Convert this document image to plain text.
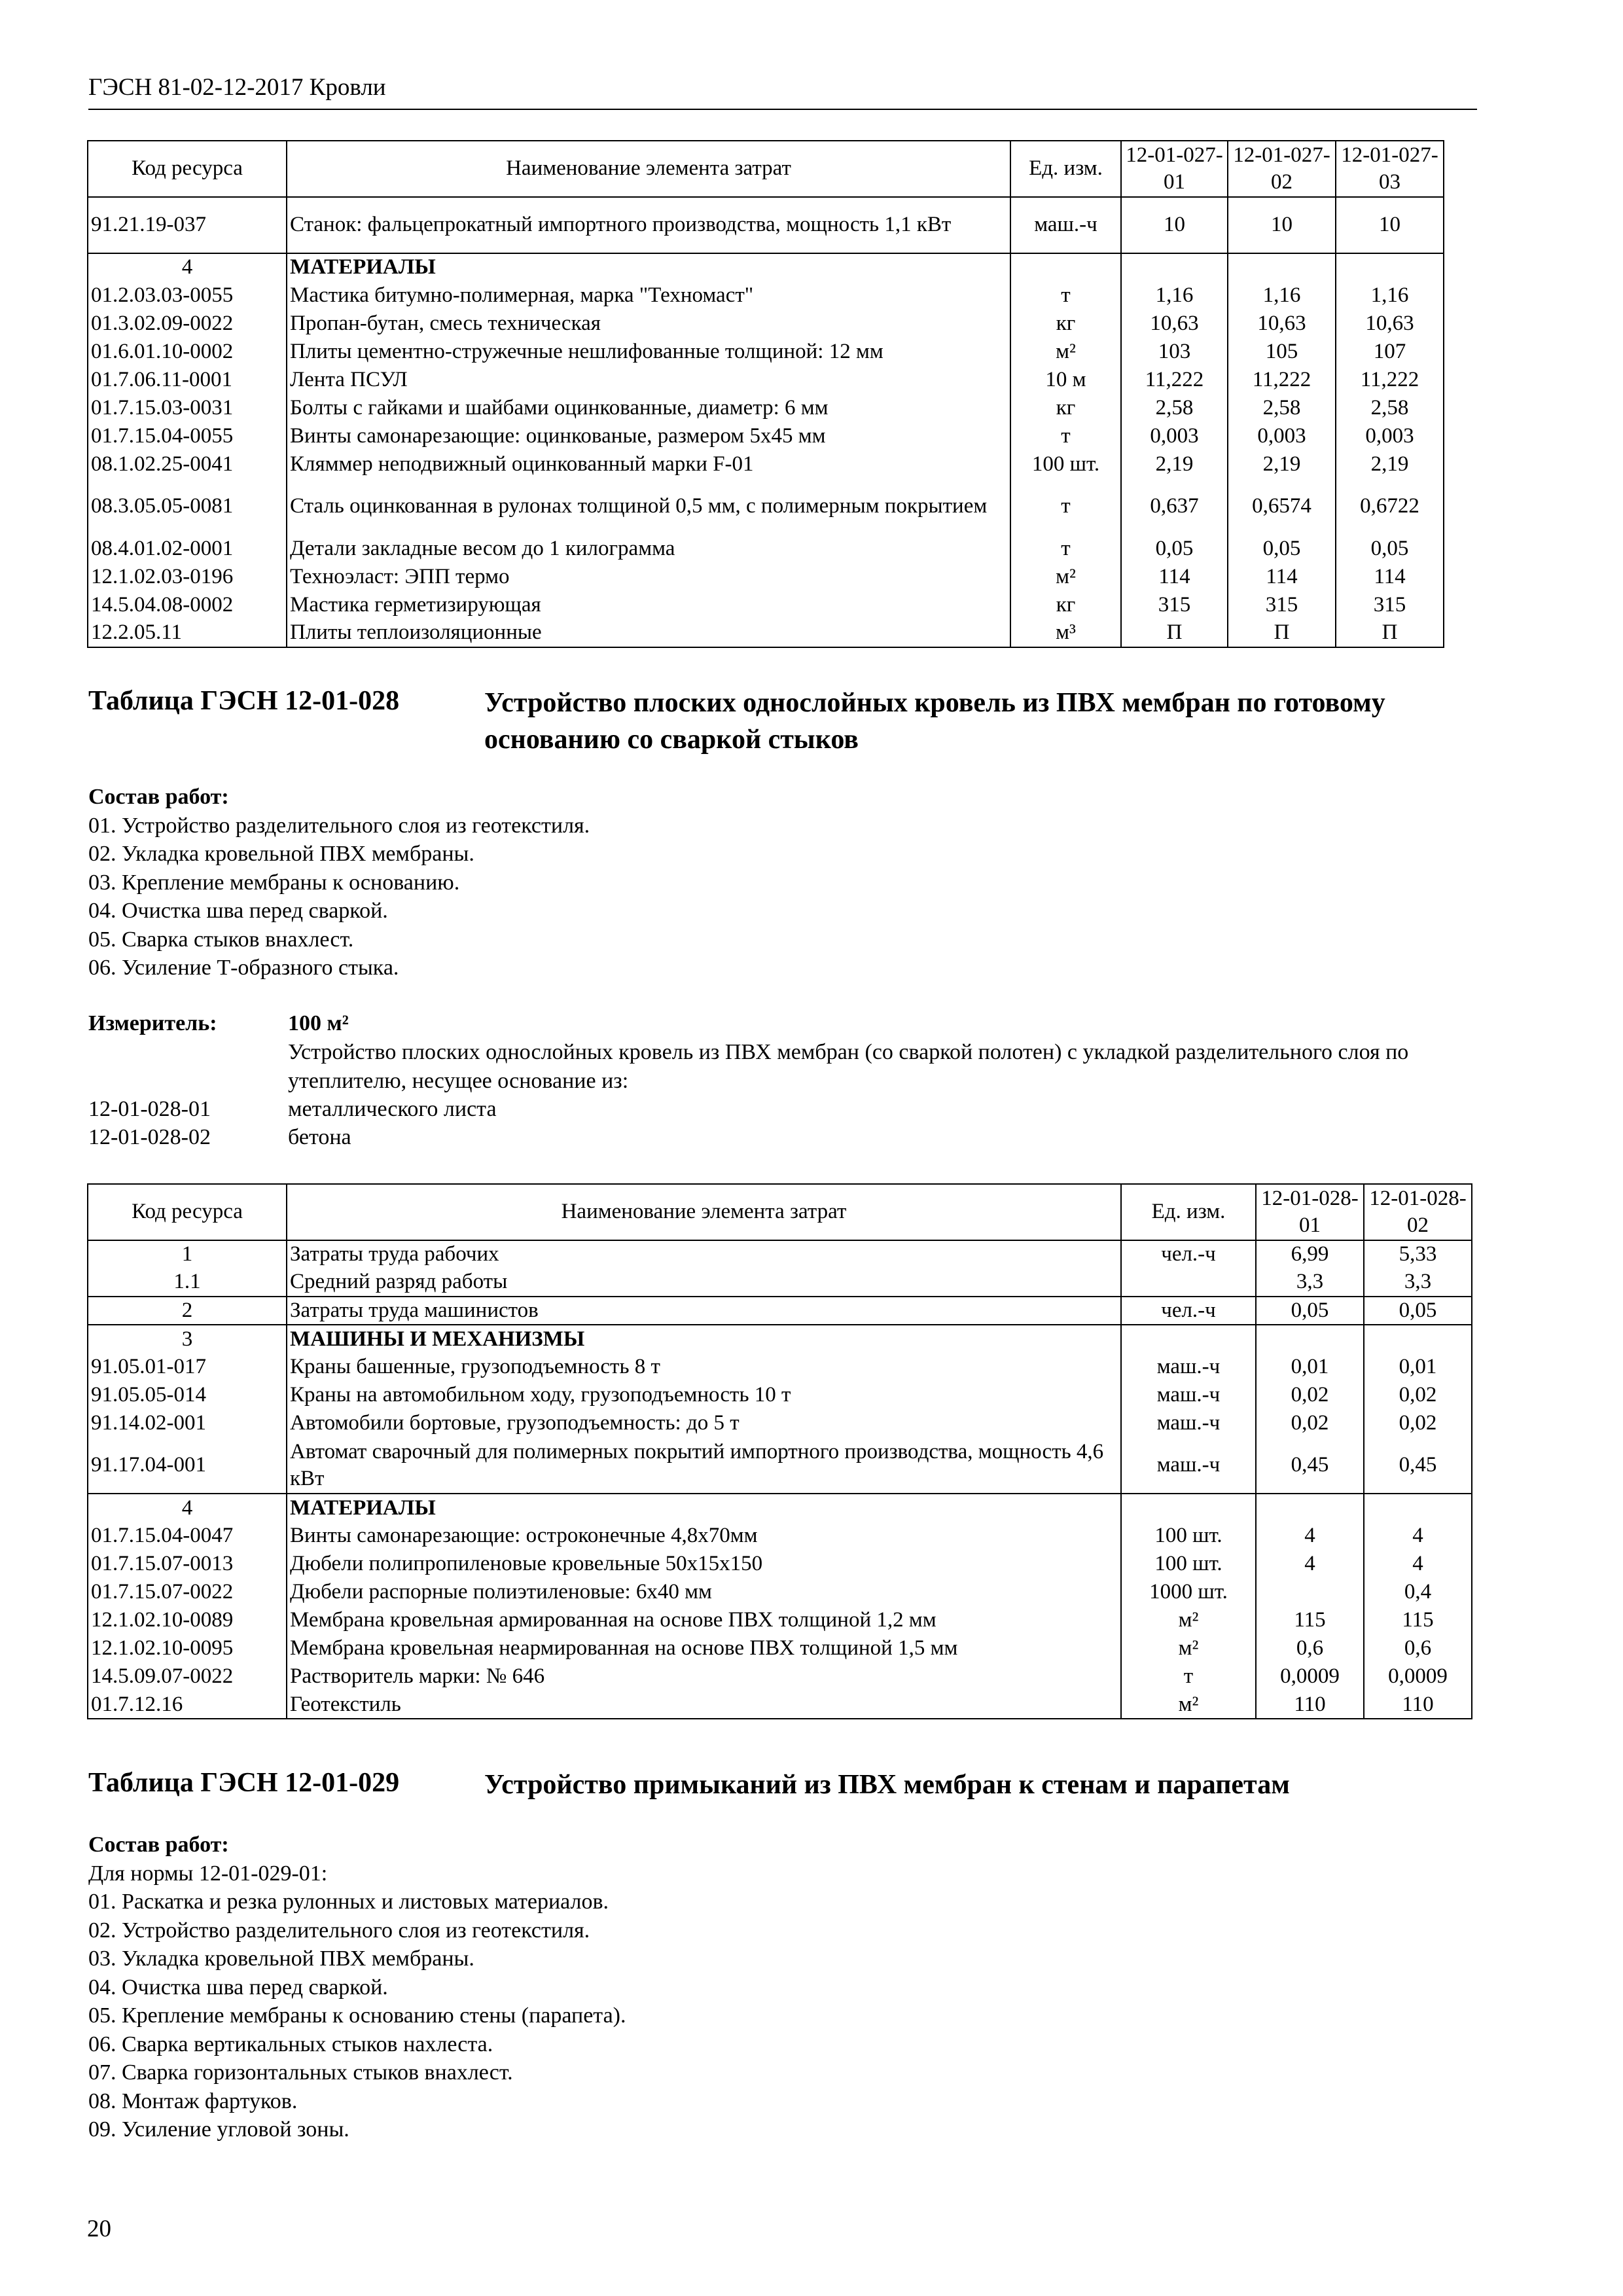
ГЭСН 81-02-12-2017 Кровли
Код ресурса	Наименование элемента затрат	Ед. изм.	12-01-027-01	12-01-027-02	12-01-027-03
91.21.19-037	Станок: фальцепрокатный импортного производства, мощность 1,1 кВт	маш.-ч	10	10	10
4	МАТЕРИАЛЫ				
01.2.03.03-0055	Мастика битумно-полимерная, марка "Техномаст"	т	1,16	1,16	1,16
01.3.02.09-0022	Пропан-бутан, смесь техническая	кг	10,63	10,63	10,63
01.6.01.10-0002	Плиты цементно-стружечные нешлифованные толщиной: 12 мм	м²	103	105	107
01.7.06.11-0001	Лента ПСУЛ	10 м	11,222	11,222	11,222
01.7.15.03-0031	Болты с гайками и шайбами оцинкованные, диаметр: 6 мм	кг	2,58	2,58	2,58
01.7.15.04-0055	Винты самонарезающие: оцинкованые, размером 5х45 мм	т	0,003	0,003	0,003
08.1.02.25-0041	Кляммер неподвижный оцинкованный марки F-01	100 шт.	2,19	2,19	2,19
08.3.05.05-0081	Сталь оцинкованная в рулонах толщиной 0,5 мм, с полимерным покрытием	т	0,637	0,6574	0,6722
08.4.01.02-0001	Детали закладные весом до 1 килограмма	т	0,05	0,05	0,05
12.1.02.03-0196	Техноэласт: ЭПП термо	м²	114	114	114
14.5.04.08-0002	Мастика герметизирующая	кг	315	315	315
12.2.05.11	Плиты теплоизоляционные	м³	П	П	П
Таблица ГЭСН 12-01-028	Устройство плоских однослойных кровель из ПВХ мембран по готовому основанию со сваркой стыков
Состав работ:
01. Устройство разделительного слоя из геотекстиля.
02. Укладка кровельной ПВХ мембраны.
03. Крепление мембраны к основанию.
04. Очистка шва перед сваркой.
05. Сварка стыков внахлест.
06. Усиление Т-образного стыка.
Измеритель:	100 м²
Устройство плоских однослойных кровель из ПВХ мембран (со сваркой полотен) с укладкой разделительного слоя по утеплителю, несущее основание из:
12-01-028-01	металлического листа
12-01-028-02	бетона
Код ресурса	Наименование элемента затрат	Ед. изм.	12-01-028-01	12-01-028-02
1	Затраты труда рабочих	чел.-ч	6,99	5,33
1.1	Средний разряд работы		3,3	3,3
2	Затраты труда машинистов	чел.-ч	0,05	0,05
3	МАШИНЫ И МЕХАНИЗМЫ			
91.05.01-017	Краны башенные, грузоподъемность 8 т	маш.-ч	0,01	0,01
91.05.05-014	Краны на автомобильном ходу, грузоподъемность 10 т	маш.-ч	0,02	0,02
91.14.02-001	Автомобили бортовые, грузоподъемность: до 5 т	маш.-ч	0,02	0,02
91.17.04-001	Автомат сварочный для полимерных покрытий импортного производства, мощность 4,6 кВт	маш.-ч	0,45	0,45
4	МАТЕРИАЛЫ			
01.7.15.04-0047	Винты самонарезающие: остроконечные 4,8х70мм	100 шт.	4	4
01.7.15.07-0013	Дюбели полипропиленовые кровельные 50х15х150	100 шт.	4	4
01.7.15.07-0022	Дюбели распорные полиэтиленовые: 6х40 мм	1000 шт.		0,4
12.1.02.10-0089	Мембрана кровельная армированная на основе ПВХ толщиной 1,2 мм	м²	115	115
12.1.02.10-0095	Мембрана кровельная неармированная на основе ПВХ толщиной 1,5 мм	м²	0,6	0,6
14.5.09.07-0022	Растворитель марки: № 646	т	0,0009	0,0009
01.7.12.16	Геотекстиль	м²	110	110
Таблица ГЭСН 12-01-029	Устройство примыканий из ПВХ мембран к стенам и парапетам
Состав работ:
Для нормы 12-01-029-01:
01. Раскатка и резка рулонных и листовых материалов.
02. Устройство разделительного слоя из геотекстиля.
03. Укладка кровельной ПВХ мембраны.
04. Очистка шва перед сваркой.
05. Крепление мембраны к основанию стены (парапета).
06. Сварка вертикальных стыков нахлеста.
07. Сварка горизонтальных стыков внахлест.
08. Монтаж фартуков.
09. Усиление угловой зоны.
20
